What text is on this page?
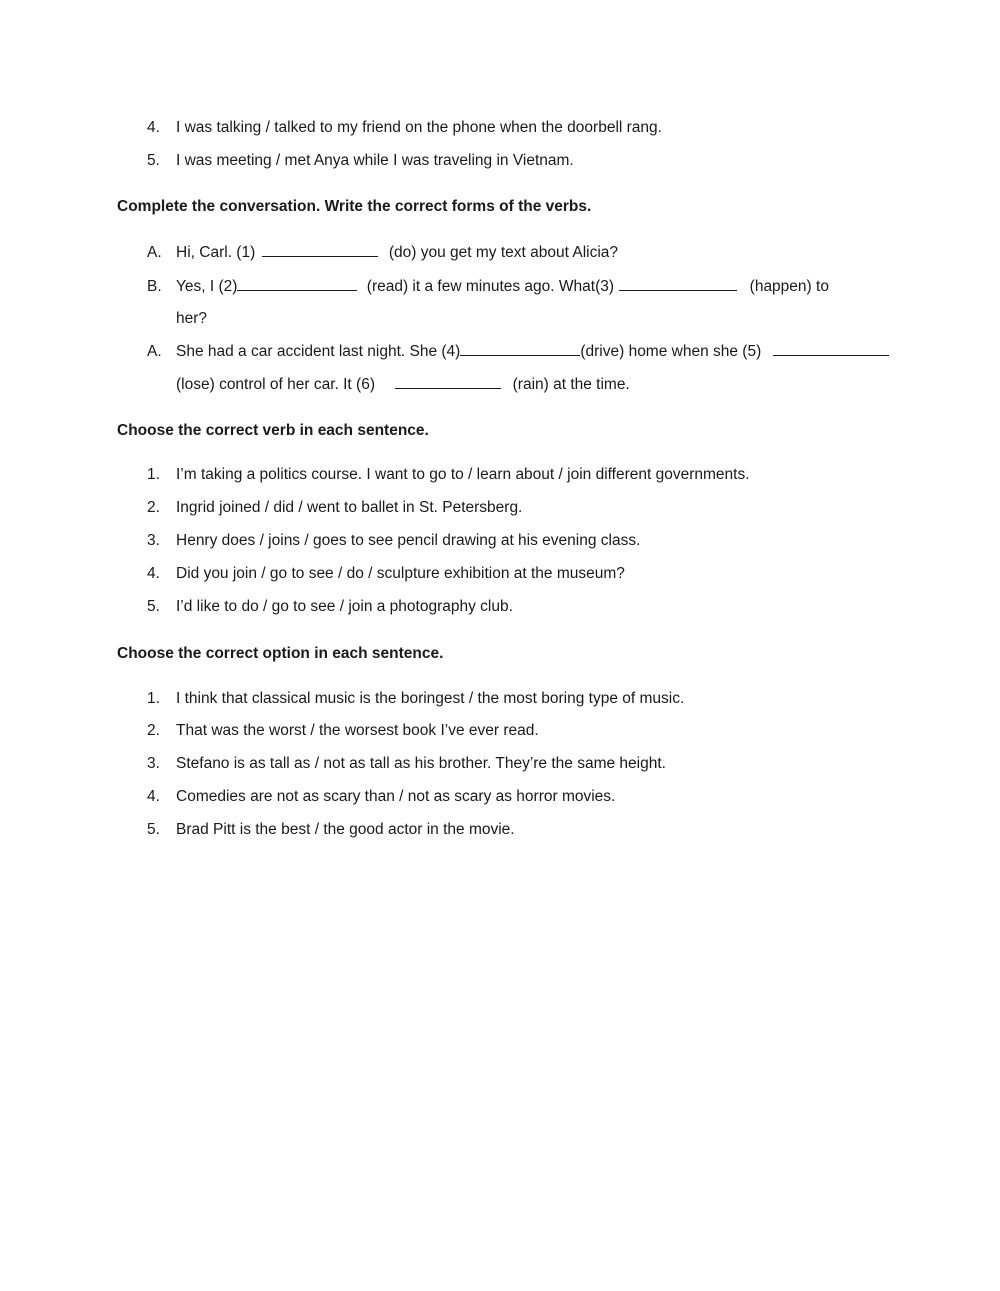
4. I was talking / talked to my friend on the phone when the doorbell rang.
5. I was meeting / met Anya while I was traveling in Vietnam.
Complete the conversation. Write the correct forms of the verbs.
A. Hi, Carl. (1)	(do) you get my text about Alicia?
B. Yes, I (2)	(read) it a few minutes ago. What(3)	(happen) to
her?
A. She had a car accident last night. She (4)	(drive) home when she (5)
(lose) control of her car. It (6)	(rain) at the time.
Choose the correct verb in each sentence.
1. I’m taking a politics course. I want to go to / learn about / join different governments.
2. Ingrid joined / did / went to ballet in St. Petersberg.
3. Henry does / joins / goes to see pencil drawing at his evening class.
4. Did you join / go to see / do / sculpture exhibition at the museum?
5. I’d like to do / go to see / join a photography club.
Choose the correct option in each sentence.
1. I think that classical music is the boringest / the most boring type of music.
2. That was the worst / the worsest book I’ve ever read.
3. Stefano is as tall as / not as tall as his brother. They’re the same height.
4. Comedies are not as scary than / not as scary as horror movies.
5. Brad Pitt is the best / the good actor in the movie.
